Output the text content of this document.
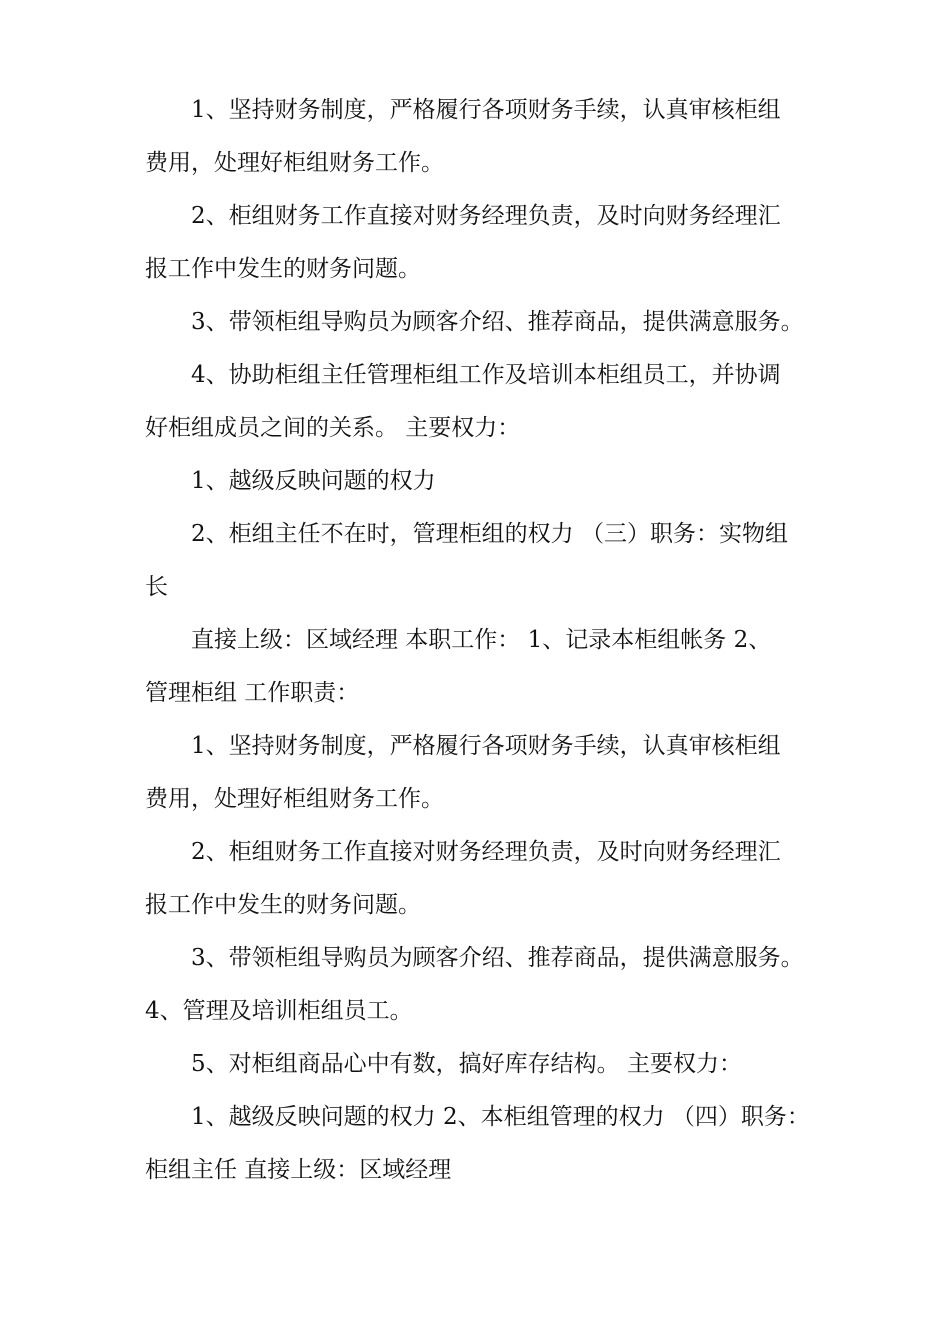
1、坚持财务制度，严格履行各项财务手续，认真审核柜组
费用，处理好柜组财务工作。

2、柜组财务工作直接对财务经理负责，及时向财务经理汇
报工作中发生的财务问题。

3、带领柜组导购员为顾客介绍、推荐商品，提供满意服务。

4、协助柜组主任管理柜组工作及培训本柜组员工，并协调
好柜组成员之间的关系。 主要权力：

1、越级反映问题的权力

2、柜组主任不在时，管理柜组的权力 （三）职务：实物组
长

直接上级：区域经理 本职工作： 1、记录本柜组帐务 2、
管理柜组 工作职责：

1、坚持财务制度，严格履行各项财务手续，认真审核柜组
费用，处理好柜组财务工作。

2、柜组财务工作直接对财务经理负责，及时向财务经理汇
报工作中发生的财务问题。

3、带领柜组导购员为顾客介绍、推荐商品，提供满意服务。

4、管理及培训柜组员工。

5、对柜组商品心中有数，搞好库存结构。 主要权力：

1、越级反映问题的权力 2、本柜组管理的权力 （四）职务：
柜组主任 直接上级：区域经理
